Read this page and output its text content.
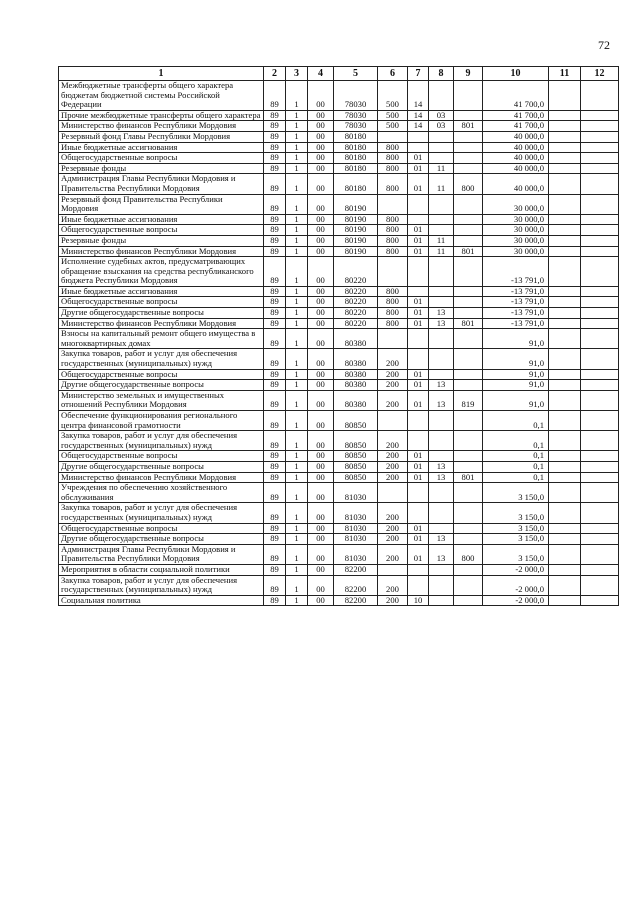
72
1	2	3	4	5	6	7	8	9	10	11	12
Межбюджетные трансферты общего характера бюджетам бюджетной системы Российской Федерации	89	1	00	78030	500	14			41 700,0		
Прочие межбюджетные трансферты общего характера	89	1	00	78030	500	14	03		41 700,0		
Министерство финансов Республики Мордовия	89	1	00	78030	500	14	03	801	41 700,0		
Резервный фонд Главы Республики Мордовия	89	1	00	80180					40 000,0		
Иные бюджетные ассигнования	89	1	00	80180	800				40 000,0		
Общегосударственные вопросы	89	1	00	80180	800	01			40 000,0		
Резервные фонды	89	1	00	80180	800	01	11		40 000,0		
Администрация Главы Республики Мордовия и Правительства Республики Мордовия	89	1	00	80180	800	01	11	800	40 000,0		
Резервный фонд Правительства Республики Мордовия	89	1	00	80190					30 000,0		
Иные бюджетные ассигнования	89	1	00	80190	800				30 000,0		
Общегосударственные вопросы	89	1	00	80190	800	01			30 000,0		
Резервные фонды	89	1	00	80190	800	01	11		30 000,0		
Министерство финансов Республики Мордовия	89	1	00	80190	800	01	11	801	30 000,0		
Исполнение судебных актов, предусматривающих обращение взыскания на средства республиканского бюджета Республики Мордовия	89	1	00	80220					-13 791,0		
Иные бюджетные ассигнования	89	1	00	80220	800				-13 791,0		
Общегосударственные вопросы	89	1	00	80220	800	01			-13 791,0		
Другие общегосударственные вопросы	89	1	00	80220	800	01	13		-13 791,0		
Министерство финансов Республики Мордовия	89	1	00	80220	800	01	13	801	-13 791,0		
Взносы на капитальный ремонт общего имущества в многоквартирных домах	89	1	00	80380					91,0		
Закупка товаров, работ и услуг для обеспечения государственных (муниципальных) нужд	89	1	00	80380	200				91,0		
Общегосударственные вопросы	89	1	00	80380	200	01			91,0		
Другие общегосударственные вопросы	89	1	00	80380	200	01	13		91,0		
Министерство земельных и имущественных отношений Республики Мордовия	89	1	00	80380	200	01	13	819	91,0		
Обеспечение функционирования регионального центра финансовой грамотности	89	1	00	80850					0,1		
Закупка товаров, работ и услуг для обеспечения государственных (муниципальных) нужд	89	1	00	80850	200				0,1		
Общегосударственные вопросы	89	1	00	80850	200	01			0,1		
Другие общегосударственные вопросы	89	1	00	80850	200	01	13		0,1		
Министерство финансов Республики Мордовия	89	1	00	80850	200	01	13	801	0,1		
Учреждения по обеспечению хозяйственного обслуживания	89	1	00	81030					3 150,0		
Закупка товаров, работ и услуг для обеспечения государственных (муниципальных) нужд	89	1	00	81030	200				3 150,0		
Общегосударственные вопросы	89	1	00	81030	200	01			3 150,0		
Другие общегосударственные вопросы	89	1	00	81030	200	01	13		3 150,0		
Администрация Главы Республики Мордовия и Правительства Республики Мордовия	89	1	00	81030	200	01	13	800	3 150,0		
Мероприятия в области социальной политики	89	1	00	82200					-2 000,0		
Закупка товаров, работ и услуг для обеспечения государственных (муниципальных) нужд	89	1	00	82200	200				-2 000,0		
Социальная политика	89	1	00	82200	200	10			-2 000,0		
